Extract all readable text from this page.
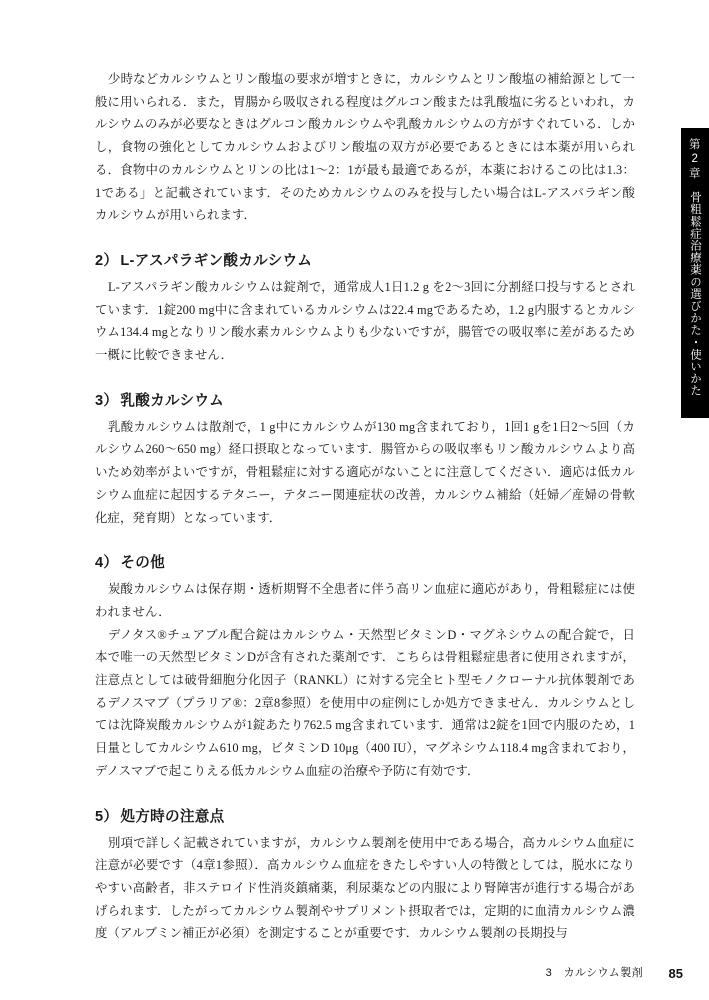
第
2
章
骨粗鬆症治療薬の選びかた・使いかた

少時などカルシウムとリン酸塩の要求が増すときに，カルシウムとリン酸塩の補給源として一般に用いられる．また，胃腸から吸収される程度はグルコン酸または乳酸塩に劣るといわれ，カルシウムのみが必要なときはグルコン酸カルシウムや乳酸カルシウムの方がすぐれている．しかし，食物の強化としてカルシウムおよびリン酸塩の双方が必要であるときには本薬が用いられる．食物中のカルシウムとリンの比は1〜2：1が最も最適であるが，本薬におけるこの比は1.3：1である」と記載されています．そのためカルシウムのみを投与したい場合はL-アスパラギン酸カルシウムが用いられます．

2） L-アスパラギン酸カルシウム

L-アスパラギン酸カルシウムは錠剤で，通常成人1日1.2 g を2〜3回に分割経口投与するとされています．1錠200 mg中に含まれているカルシウムは22.4 mgであるため，1.2 g内服するとカルシウム134.4 mgとなりリン酸水素カルシウムよりも少ないですが，腸管での吸収率に差があるため一概に比較できません．

3） 乳酸カルシウム

乳酸カルシウムは散剤で，1 g中にカルシウムが130 mg含まれており，1回1 gを1日2〜5回（カルシウム260〜650 mg）経口摂取となっています．腸管からの吸収率もリン酸カルシウムより高いため効率がよいですが，骨粗鬆症に対する適応がないことに注意してください．適応は低カルシウム血症に起因するテタニー，テタニー関連症状の改善，カルシウム補給（妊婦／産婦の骨軟化症，発育期）となっています．

4） その他

炭酸カルシウムは保存期・透析期腎不全患者に伴う高リン血症に適応があり，骨粗鬆症には使われません．

デノタス®チュアブル配合錠はカルシウム・天然型ビタミンD・マグネシウムの配合錠で，日本で唯一の天然型ビタミンDが含有された薬剤です．こちらは骨粗鬆症患者に使用されますが，注意点としては破骨細胞分化因子（RANKL）に対する完全ヒト型モノクローナル抗体製剤であるデノスマブ（プラリア®：2章8参照）を使用中の症例にしか処方できません．カルシウムとしては沈降炭酸カルシウムが1錠あたり762.5 mg含まれています．通常は2錠を1回で内服のため，1日量としてカルシウム610 mg，ビタミンD 10μg（400 IU），マグネシウム118.4 mg含まれており，デノスマブで起こりえる低カルシウム血症の治療や予防に有効です．

5） 処方時の注意点

別項で詳しく記載されていますが，カルシウム製剤を使用中である場合，高カルシウム血症に注意が必要です（4章1参照）．高カルシウム血症をきたしやすい人の特徴としては，脱水になりやすい高齢者，非ステロイド性消炎鎮痛薬，利尿薬などの内服により腎障害が進行する場合があげられます．したがってカルシウム製剤やサプリメント摂取者では，定期的に血清カルシウム濃度（アルブミン補正が必須）を測定することが重要です．カルシウム製剤の長期投与

3　カルシウム製剤 85
